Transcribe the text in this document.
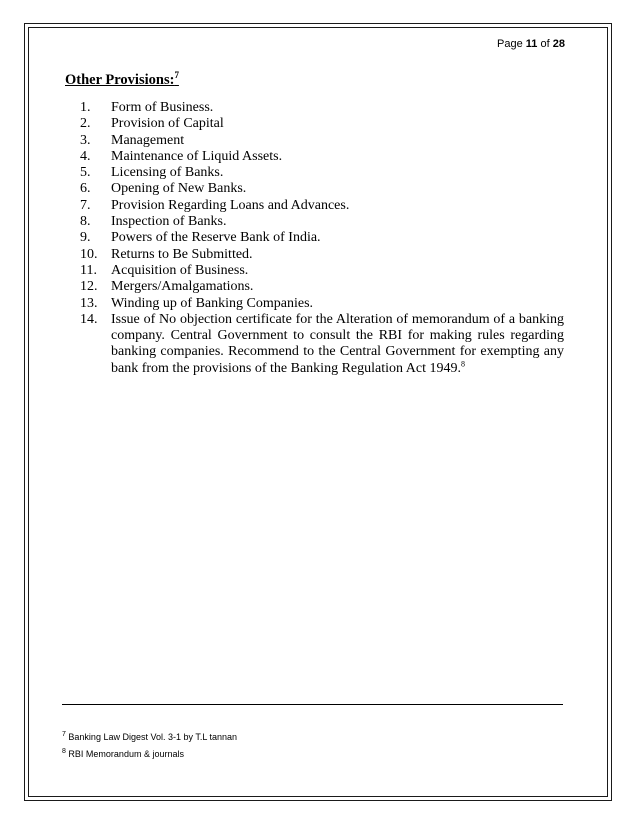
Page 11 of 28
Other Provisions:$^7$
1.	Form of Business.
2.	Provision of Capital
3.	Management
4.	Maintenance of Liquid Assets.
5.	Licensing of Banks.
6.	Opening of New Banks.
7.	Provision Regarding Loans and Advances.
8.	Inspection of Banks.
9.	Powers of the Reserve Bank of India.
10. Returns to Be Submitted.
11.	Acquisition of Business.
12. Mergers/Amalgamations.
13. Winding up of Banking Companies.
14. Issue of No objection certificate for the Alteration of memorandum of a banking company. Central Government to consult the RBI for making rules regarding banking companies. Recommend to the Central Government for exempting any bank from the provisions of the Banking Regulation Act 1949.$^8$
$^7$ Banking Law Digest Vol. 3-1 by T.L tannan
$^8$ RBI Memorandum & journals
